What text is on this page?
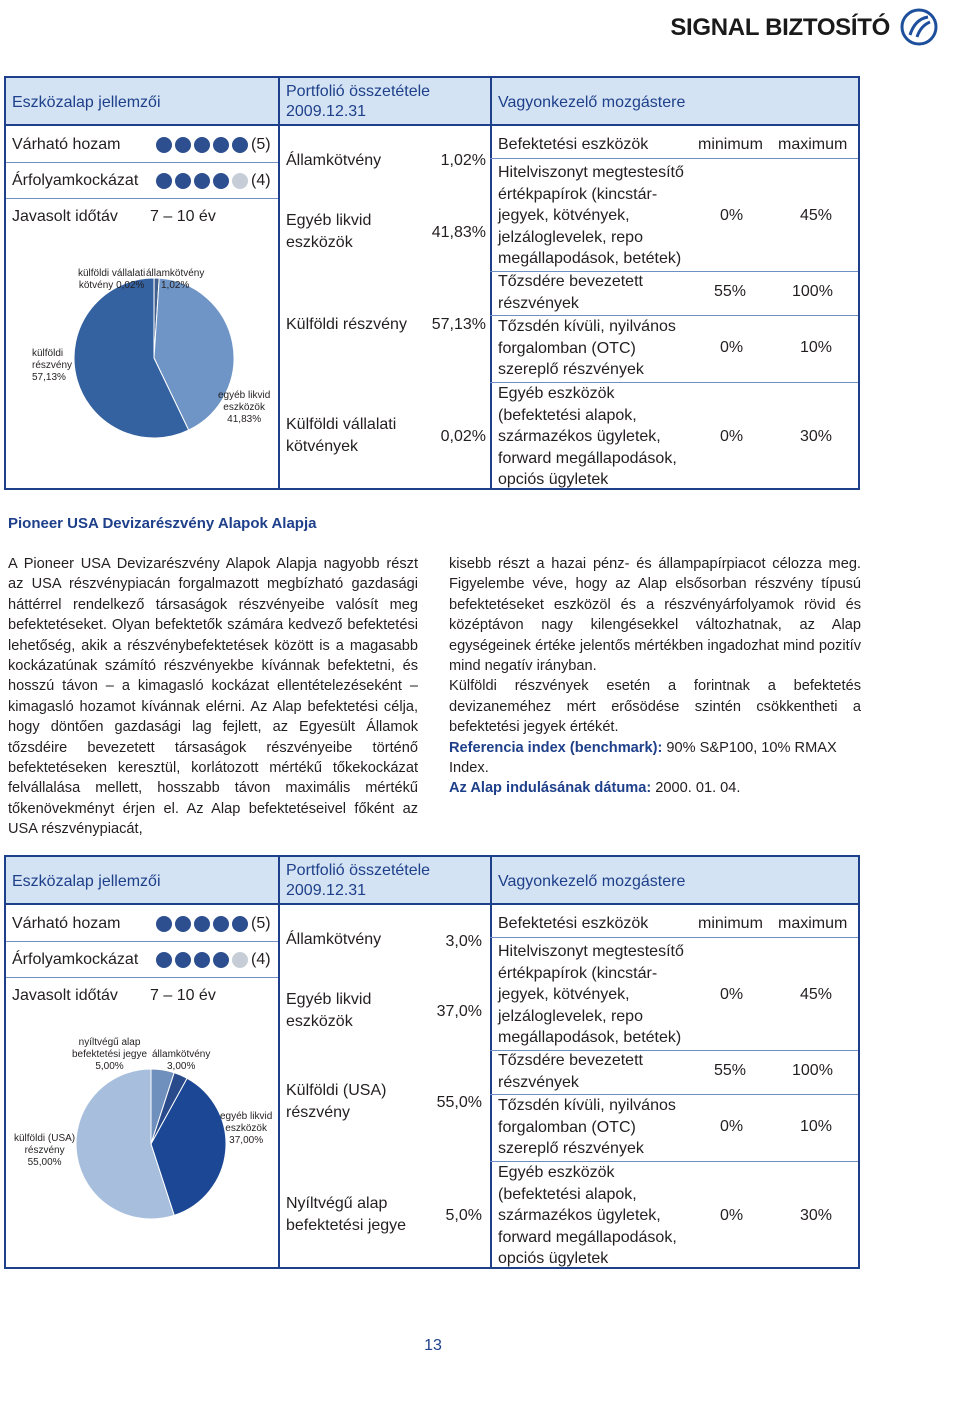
SIGNAL BIZTOSÍTÓ
Eszközalap jellemzői
Portfolió összetétele
2009.12.31
Vagyonkezelő mozgástere
Várható hozam	(5)
Árfolyamkockázat	(4)
Javasolt időtáv 7 – 10 év
külföldi vállalati
kötvény 0,02%
államkötvény
1,02%
külföldi
részvény
57,13%
egyéb likvid
eszközök
41,83%
Államkötvény	1,02%
Egyéb likvid
eszközök
41,83%
Külföldi részvény	57,13%
Külföldi vállalati
kötvények
0,02%
Befektetési eszközök	minimum maximum
Hitelviszonyt megtestesítő
értékpapírok (kincstár-
jegyek, kötvények,
jelzáloglevelek, repo
megállapodások, betétek)
0%	45%
Tőzsdére bevezetett
részvények
55%	100%
Tőzsdén kívüli, nyilvános
forgalomban (OTC)
szereplő részvények
0%	10%
Egyéb eszközök
(befektetési alapok,
származékos ügyletek,
forward megállapodások,
opciós ügyletek
0%	30%
Pioneer USA Devizarészvény Alapok Alapja

A Pioneer USA Devizarészvény Alapok Alapja nagyobb részt az USA részvénypiacán forgalmazott megbízható gazdasági háttérrel rendelkező társaságok részvényeibe valósít meg befektetéseket. Olyan befektetők számára kedvező befektetési lehetőség, akik a részvénybefektetések között is a magasabb kockázatúnak számító részvényekbe kívánnak befektetni, és hosszú távon – a kimagasló kockázat ellentételezéseként – kimagasló hozamot kívánnak elérni. Az Alap befektetési célja, hogy döntően gazdasági lag fejlett, az Egyesült Államok tőzsdéire bevezetett társaságok részvényeibe történő befektetéseken keresztül, korlátozott mértékű tőkekockázat felvállalása mellett, hosszabb távon maximális mértékű tőkenövekményt érjen el. Az Alap befektetéseivel főként az USA részvénypiacát,

kisebb részt a hazai pénz- és állampapírpiacot célozza meg. Figyelembe véve, hogy az Alap elsősorban részvény típusú befektetéseket eszközöl és a részvényárfolyamok rövid és középtávon nagy kilengésekkel változhatnak, az Alap egységeinek értéke jelentős mértékben ingadozhat mind pozitív mind negatív irányban.

Külföldi részvények esetén a forintnak a befektetés devizaneméhez mért erősödése szintén csökkentheti a befektetési jegyek értékét.

Referencia index (benchmark): 90% S&P100, 10% RMAX Index.

Az Alap indulásának dátuma: 2000. 01. 04.

Eszközalap jellemzői
Portfolió összetétele
2009.12.31
Vagyonkezelő mozgástere
Várható hozam	(5)
Árfolyamkockázat	(4)
Javasolt időtáv 7 – 10 év
nyíltvégű alap
befektetési jegye
5,00%
államkötvény
3,00%
külföldi (USA)
részvény
55,00%
egyéb likvid
eszközök
37,00%
Államkötvény	3,0%
Egyéb likvid
eszközök
37,0%
Külföldi (USA)
részvény
55,0%
Nyíltvégű alap
befektetési jegye
5,0%
Befektetési eszközök	minimum maximum
Hitelviszonyt megtestesítő
értékpapírok (kincstár-
jegyek, kötvények,
jelzáloglevelek, repo
megállapodások, betétek)
0%	45%
Tőzsdére bevezetett
részvények
55%	100%
Tőzsdén kívüli, nyilvános
forgalomban (OTC)
szereplő részvények
0%	10%
Egyéb eszközök
(befektetési alapok,
származékos ügyletek,
forward megállapodások,
opciós ügyletek
0%	30%
13
